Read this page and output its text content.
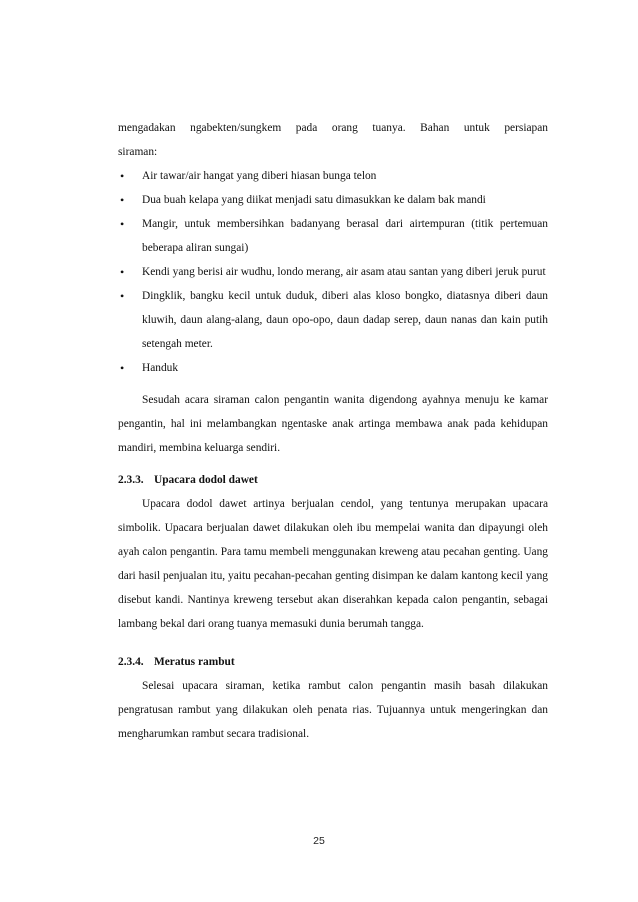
mengadakan ngabekten/sungkem pada orang tuanya. Bahan untuk persiapan

siraman:

• Air tawar/air hangat yang diberi hiasan bunga telon
• Dua buah kelapa yang diikat menjadi satu dimasukkan ke dalam bak mandi
• Mangir, untuk membersihkan badanyang berasal dari airtempuran (titik pertemuan beberapa aliran sungai)
• Kendi yang berisi air wudhu, londo merang, air asam atau santan yang diberi jeruk purut
• Dingklik, bangku kecil untuk duduk, diberi alas kloso bongko, diatasnya diberi daun kluwih, daun alang-alang, daun opo-opo, daun dadap serep, daun nanas dan kain putih setengah meter.
• Handuk

Sesudah acara siraman calon pengantin wanita digendong ayahnya menuju ke kamar pengantin, hal ini melambangkan ngentaske anak artinga membawa anak pada kehidupan mandiri, membina keluarga sendiri.

2.3.3. Upacara dodol dawet

Upacara dodol dawet artinya berjualan cendol, yang tentunya merupakan upacara simbolik. Upacara berjualan dawet dilakukan oleh ibu mempelai wanita dan dipayungi oleh ayah calon pengantin. Para tamu membeli menggunakan kreweng atau pecahan genting. Uang dari hasil penjualan itu, yaitu pecahan-pecahan genting disimpan ke dalam kantong kecil yang disebut kandi. Nantinya kreweng tersebut akan diserahkan kepada calon pengantin, sebagai lambang bekal dari orang tuanya memasuki dunia berumah tangga.

2.3.4. Meratus rambut

Selesai upacara siraman, ketika rambut calon pengantin masih basah dilakukan pengratusan rambut yang dilakukan oleh penata rias. Tujuannya untuk mengeringkan dan mengharumkan rambut secara tradisional.

25
